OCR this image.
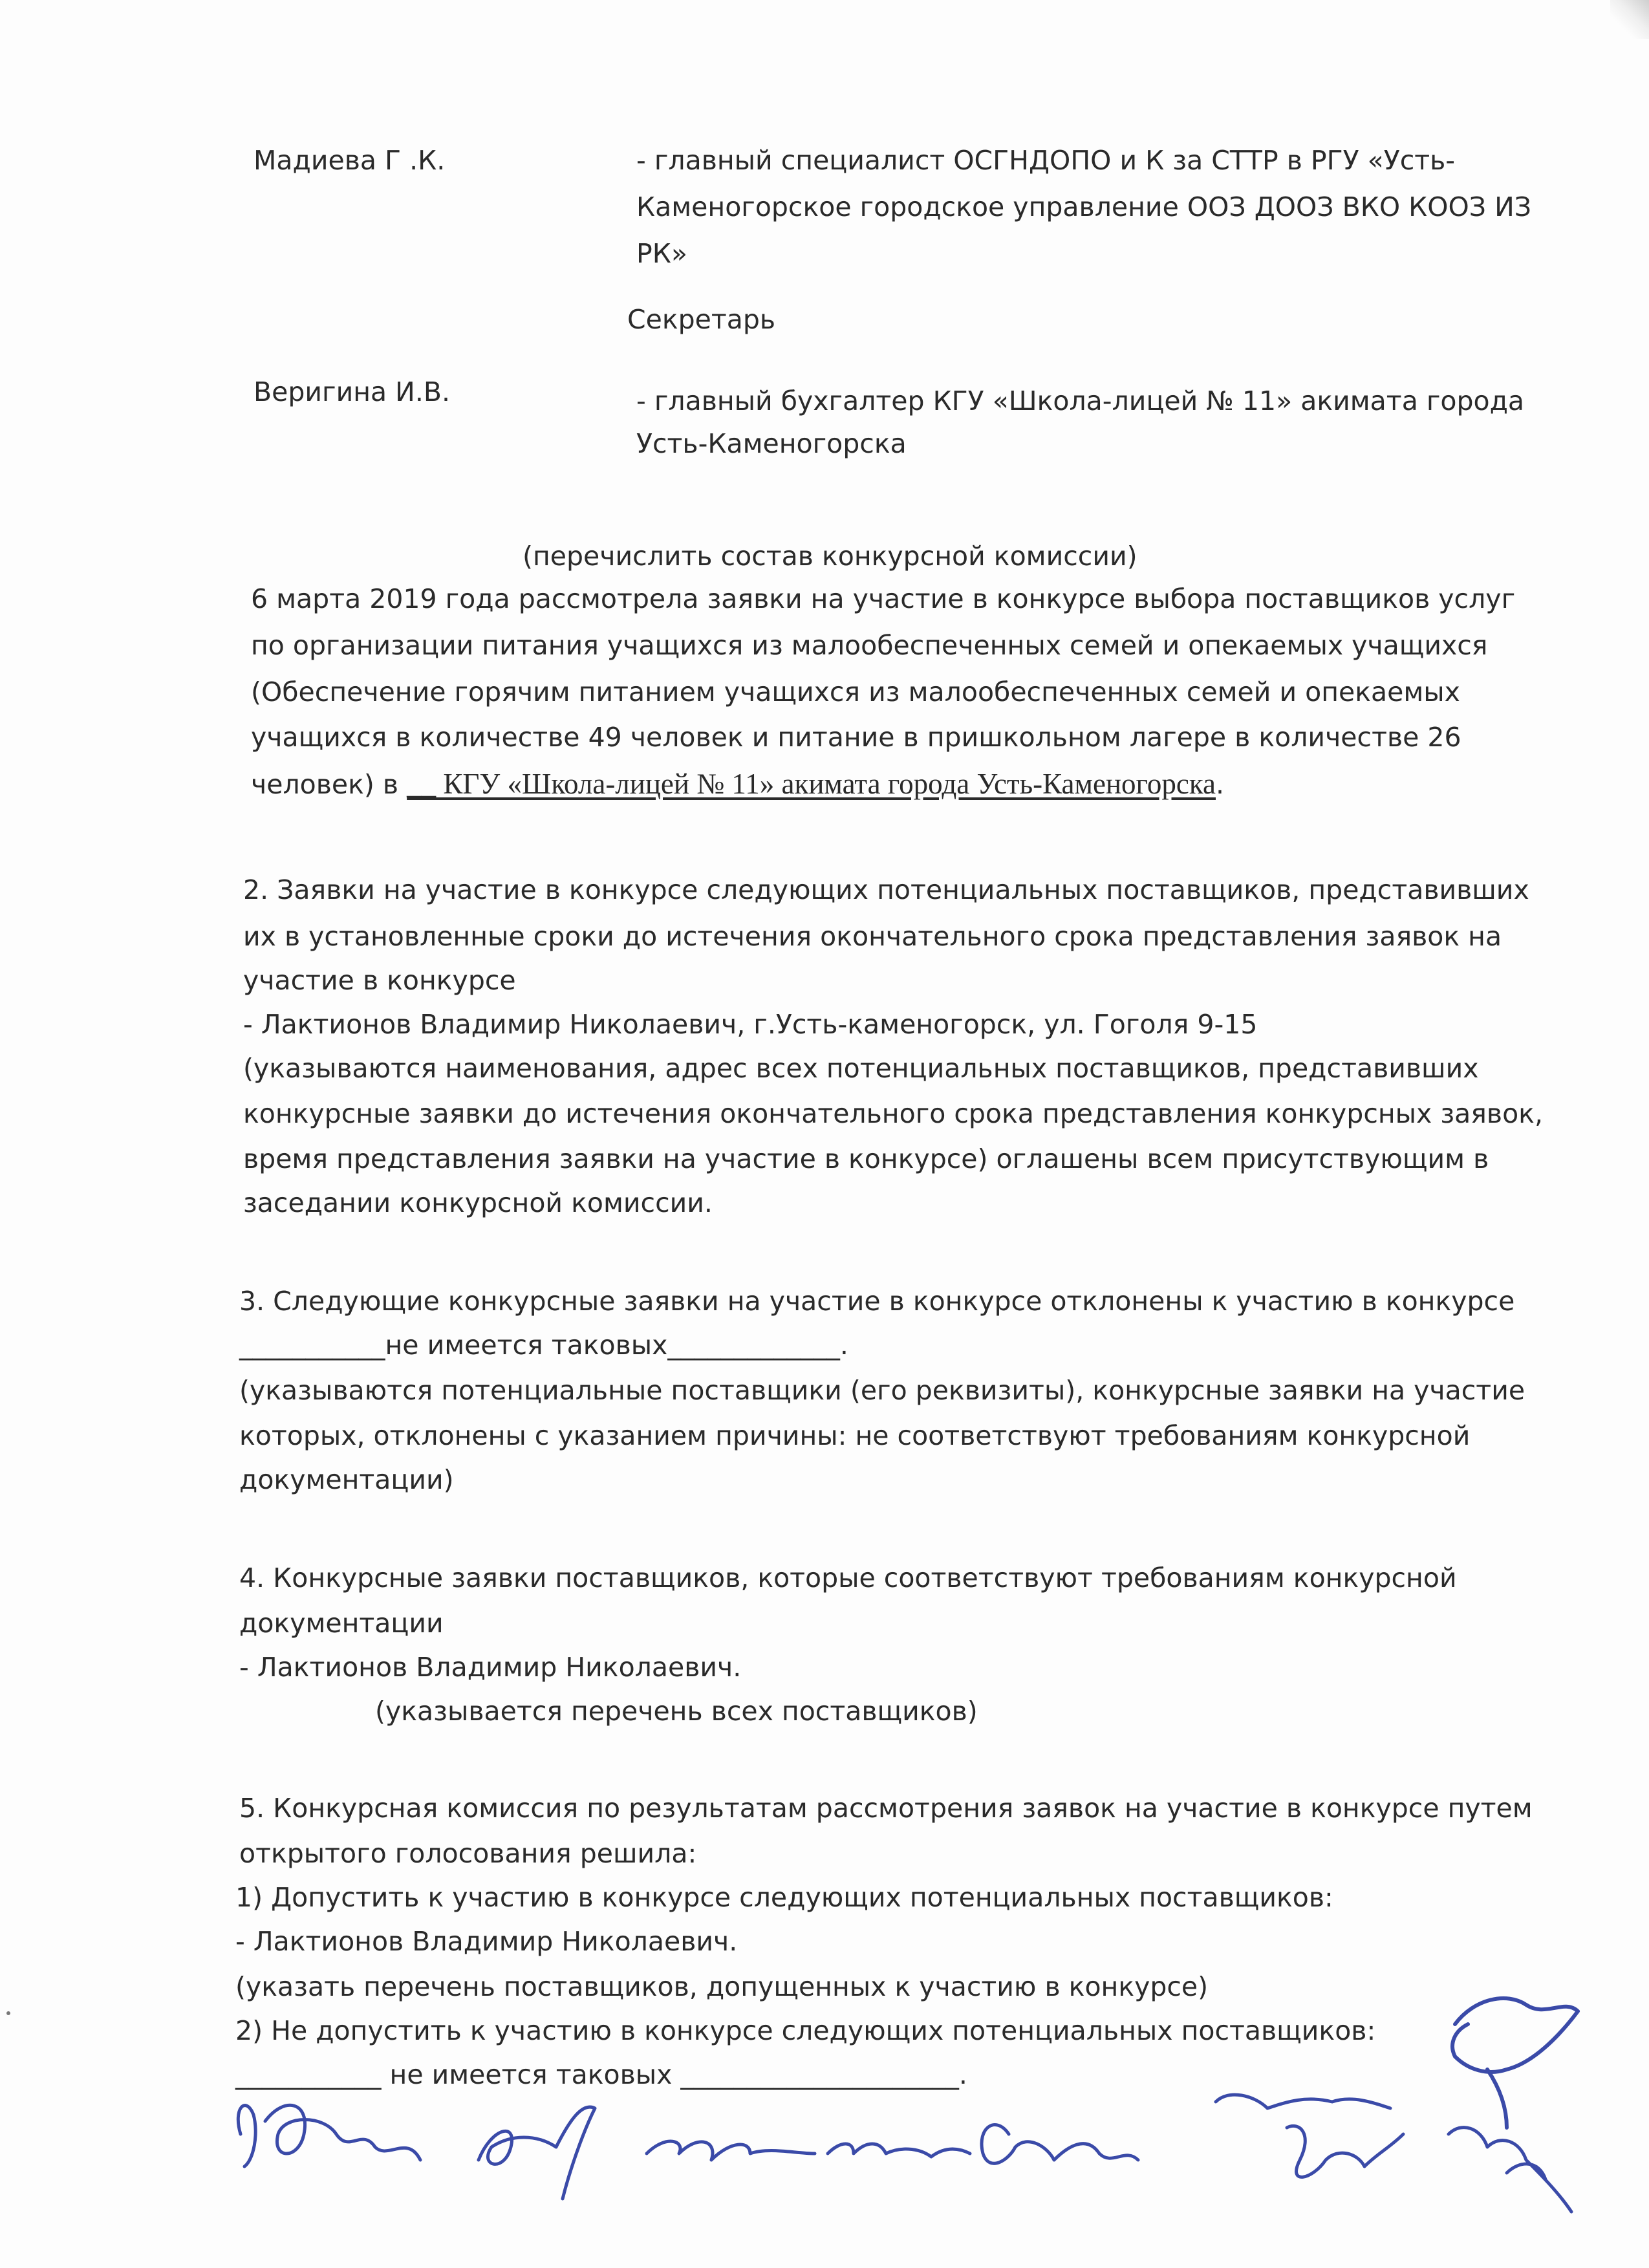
Мадиева Г .К.	- главный специалист ОСГНДОПО и К за СТТР в РГУ «Усть-
Каменогорское городское управление ООЗ ДООЗ ВКО КООЗ ИЗ
РК»
Секретарь
Веригина И.В.	- главный бухгалтер КГУ «Школа-лицей № 11» акимата города
Усть-Каменогорска
(перечислить состав конкурсной комиссии)
6 марта 2019 года рассмотрела заявки на участие в конкурсе выбора поставщиков услуг
по организации питания учащихся из малообеспеченных семей и опекаемых учащихся
(Обеспечение горячим питанием учащихся из малообеспеченных семей и опекаемых
учащихся в количестве 49 человек и питание в пришкольном лагере в количестве 26
человек) в __ КГУ «Школа-лицей № 11» акимата города Усть-Каменогорска.
2. Заявки на участие в конкурсе следующих потенциальных поставщиков, представивших
их в установленные сроки до истечения окончательного срока представления заявок на
участие в конкурсе
- Лактионов Владимир Николаевич, г.Усть-каменогорск, ул. Гоголя 9-15
(указываются наименования, адрес всех потенциальных поставщиков, представивших
конкурсные заявки до истечения окончательного срока представления конкурсных заявок,
время представления заявки на участие в конкурсе) оглашены всем присутствующим в
заседании конкурсной комиссии.
3. Следующие конкурсные заявки на участие в конкурсе отклонены к участию в конкурсе
___________не имеется таковых_____________.
(указываются потенциальные поставщики (его реквизиты), конкурсные заявки на участие
которых, отклонены с указанием причины: не соответствуют требованиям конкурсной
документации)
4. Конкурсные заявки поставщиков, которые соответствуют требованиям конкурсной
документации
- Лактионов Владимир Николаевич.
(указывается перечень всех поставщиков)
5. Конкурсная комиссия по результатам рассмотрения заявок на участие в конкурсе путем
открытого голосования решила:
1) Допустить к участию в конкурсе следующих потенциальных поставщиков:
- Лактионов Владимир Николаевич.
(указать перечень поставщиков, допущенных к участию в конкурсе)
2) Не допустить к участию в конкурсе следующих потенциальных поставщиков:
___________ не имеется таковых _____________________.
